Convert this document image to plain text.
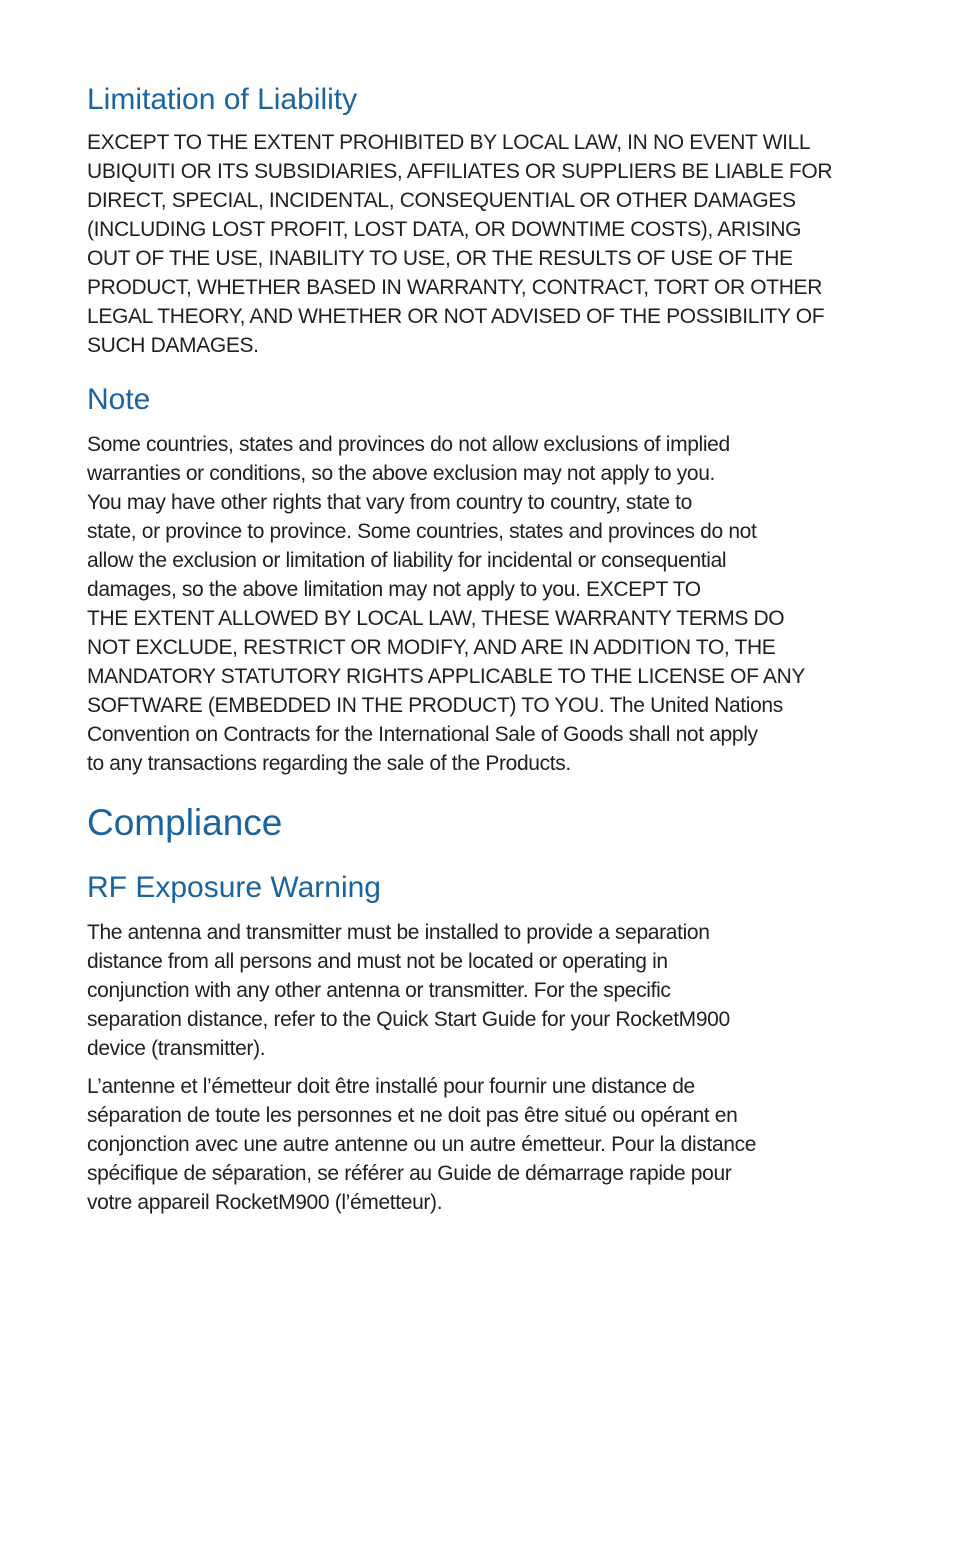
Limitation of Liability

EXCEPT TO THE EXTENT PROHIBITED BY LOCAL LAW, IN NO EVENT WILL
UBIQUITI OR ITS SUBSIDIARIES, AFFILIATES OR SUPPLIERS BE LIABLE FOR
DIRECT, SPECIAL, INCIDENTAL, CONSEQUENTIAL OR OTHER DAMAGES
(INCLUDING LOST PROFIT, LOST DATA, OR DOWNTIME COSTS), ARISING
OUT OF THE USE, INABILITY TO USE, OR THE RESULTS OF USE OF THE
PRODUCT, WHETHER BASED IN WARRANTY, CONTRACT, TORT OR OTHER
LEGAL THEORY, AND WHETHER OR NOT ADVISED OF THE POSSIBILITY OF
SUCH DAMAGES.

Note

Some countries, states and provinces do not allow exclusions of implied
warranties or conditions, so the above exclusion may not apply to you.
You may have other rights that vary from country to country, state to
state, or province to province. Some countries, states and provinces do not
allow the exclusion or limitation of liability for incidental or consequential
damages, so the above limitation may not apply to you. EXCEPT TO
THE EXTENT ALLOWED BY LOCAL LAW, THESE WARRANTY TERMS DO
NOT EXCLUDE, RESTRICT OR MODIFY, AND ARE IN ADDITION TO, THE
MANDATORY STATUTORY RIGHTS APPLICABLE TO THE LICENSE OF ANY
SOFTWARE (EMBEDDED IN THE PRODUCT) TO YOU. The United Nations
Convention on Contracts for the International Sale of Goods shall not apply
to any transactions regarding the sale of the Products.

Compliance
RF Exposure Warning

The antenna and transmitter must be installed to provide a separation
distance from all persons and must not be located or operating in
conjunction with any other antenna or transmitter. For the specific
separation distance, refer to the Quick Start Guide for your RocketM900
device (transmitter).

L’antenne et l’émetteur doit être installé pour fournir une distance de
séparation de toute les personnes et ne doit pas être situé ou opérant en
conjonction avec une autre antenne ou un autre émetteur. Pour la distance
spécifique de séparation, se référer au Guide de démarrage rapide pour
votre appareil RocketM900 (l’émetteur).
